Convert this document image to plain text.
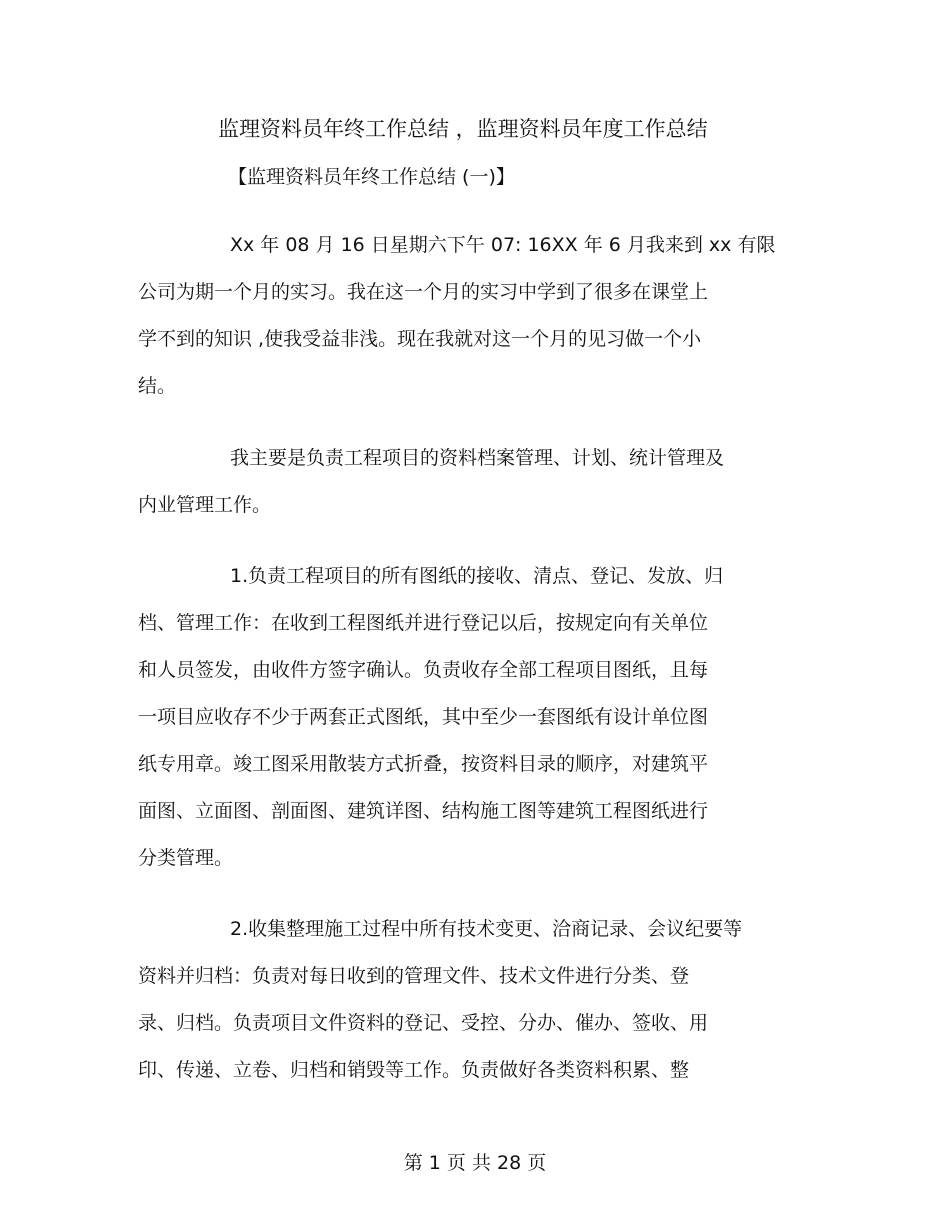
监理资料员年终工作总结 ，监理资料员年度工作总结
【监理资料员年终工作总结 (一)】
Xx 年 08 月 16 日星期六下午 07: 16XX 年 6 月我来到 xx 有限
公司为期一个月的实习。我在这一个月的实习中学到了很多在课堂上
学不到的知识 ,使我受益非浅。现在我就对这一个月的见习做一个小
结。
我主要是负责工程项目的资料档案管理、计划、统计管理及
内业管理工作。
1.负责工程项目的所有图纸的接收、清点、登记、发放、归
档、管理工作：在收到工程图纸并进行登记以后，按规定向有关单位
和人员签发，由收件方签字确认。负责收存全部工程项目图纸，且每
一项目应收存不少于两套正式图纸，其中至少一套图纸有设计单位图
纸专用章。竣工图采用散装方式折叠，按资料目录的顺序，对建筑平
面图、立面图、剖面图、建筑详图、结构施工图等建筑工程图纸进行
分类管理。
2.收集整理施工过程中所有技术变更、洽商记录、会议纪要等
资料并归档：负责对每日收到的管理文件、技术文件进行分类、登
录、归档。负责项目文件资料的登记、受控、分办、催办、签收、用
印、传递、立卷、归档和销毁等工作。负责做好各类资料积累、整
第 1 页 共 28 页
